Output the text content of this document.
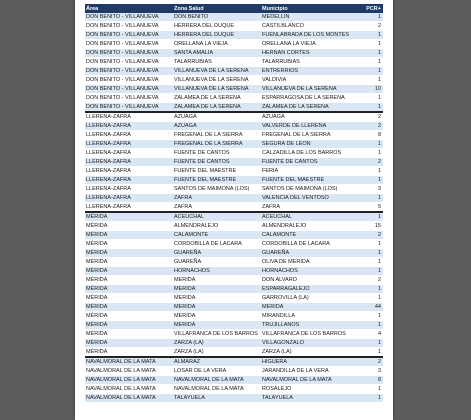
Área	Zona Salud	Municipio	PCR+
DON BENITO - VILLANUEVA	DON BENITO	MEDELLIN	1
DON BENITO - VILLANUEVA	HERRERA DEL DUQUE	CASTILBLANCO	2
DON BENITO - VILLANUEVA	HERRERA DEL DUQUE	FUENLABRADA DE LOS MONTES	1
DON BENITO - VILLANUEVA	ORELLANA LA VIEJA	ORELLANA LA VIEJA	1
DON BENITO - VILLANUEVA	SANTA AMALIA	HERNAN CORTES	1
DON BENITO - VILLANUEVA	TALARRUBIAS	TALARRUBIAS	1
DON BENITO - VILLANUEVA	VILLANUEVA DE LA SERENA	ENTRERRIOS	1
DON BENITO - VILLANUEVA	VILLANUEVA DE LA SERENA	VALDIVIA	1
DON BENITO - VILLANUEVA	VILLANUEVA DE LA SERENA	VILLANUEVA DE LA SERENA	10
DON BENITO - VILLANUEVA	ZALAMEA DE LA SERENA	ESPARRAGOSA DE LA SERENA	1
DON BENITO - VILLANUEVA	ZALAMEA DE LA SERENA	ZALAMEA DE LA SERENA	1
LLERENA-ZAFRA	AZUAGA	AZUAGA	2
LLERENA-ZAFRA	AZUAGA	VALVERDE DE LLERENA	2
LLERENA-ZAFRA	FREGENAL DE LA SIERRA	FREGENAL DE LA SIERRA	8
LLERENA-ZAFRA	FREGENAL DE LA SIERRA	SEGURA DE LEON	1
LLERENA-ZAFRA	FUENTE DE CANTOS	CALZADILLA DE LOS BARROS	1
LLERENA-ZAFRA	FUENTE DE CANTOS	FUENTE DE CANTOS	2
LLERENA-ZAFRA	FUENTE DEL MAESTRE	FERIA	1
LLERENA-ZAFRA	FUENTE DEL MAESTRE	FUENTE DEL MAESTRE	1
LLERENA-ZAFRA	SANTOS DE MAIMONA (LOS)	SANTOS DE MAIMONA (LOS)	3
LLERENA-ZAFRA	ZAFRA	VALENCIA DEL VENTOSO	1
LLERENA-ZAFRA	ZAFRA	ZAFRA	5
MÉRIDA	ACEUCHAL	ACEUCHAL	1
MÉRIDA	ALMENDRALEJO	ALMENDRALEJO	15
MÉRIDA	CALAMONTE	CALAMONTE	2
MÉRIDA	CORDOBILLA DE LACARA	CORDOBILLA DE LACARA	1
MÉRIDA	GUAREÑA	GUAREÑA	1
MÉRIDA	GUAREÑA	OLIVA DE MERIDA	1
MÉRIDA	HORNACHOS	HORNACHOS	1
MÉRIDA	MERIDA	DON ALVARO	2
MÉRIDA	MERIDA	ESPARRAGALEJO	1
MÉRIDA	MERIDA	GARROVILLA (LA)	1
MÉRIDA	MERIDA	MERIDA	44
MÉRIDA	MERIDA	MIRANDILLA	1
MÉRIDA	MERIDA	TRUJILLANOS	1
MÉRIDA	VILLAFRANCA DE LOS BARROS	VILLAFRANCA DE LOS BARROS	4
MÉRIDA	ZARZA (LA)	VILLAGONZALO	1
MÉRIDA	ZARZA (LA)	ZARZA (LA)	1
NAVALMORAL DE LA MATA	ALMARAZ	HIGUERA	2
NAVALMORAL DE LA MATA	LOSAR DE LA VERA	JARANDILLA DE LA VERA	3
NAVALMORAL DE LA MATA	NAVALMORAL DE LA MATA	NAVALMORAL DE LA MATA	8
NAVALMORAL DE LA MATA	NAVALMORAL DE LA MATA	ROSALEJO	1
NAVALMORAL DE LA MATA	TALAYUELA	TALAYUELA	1
